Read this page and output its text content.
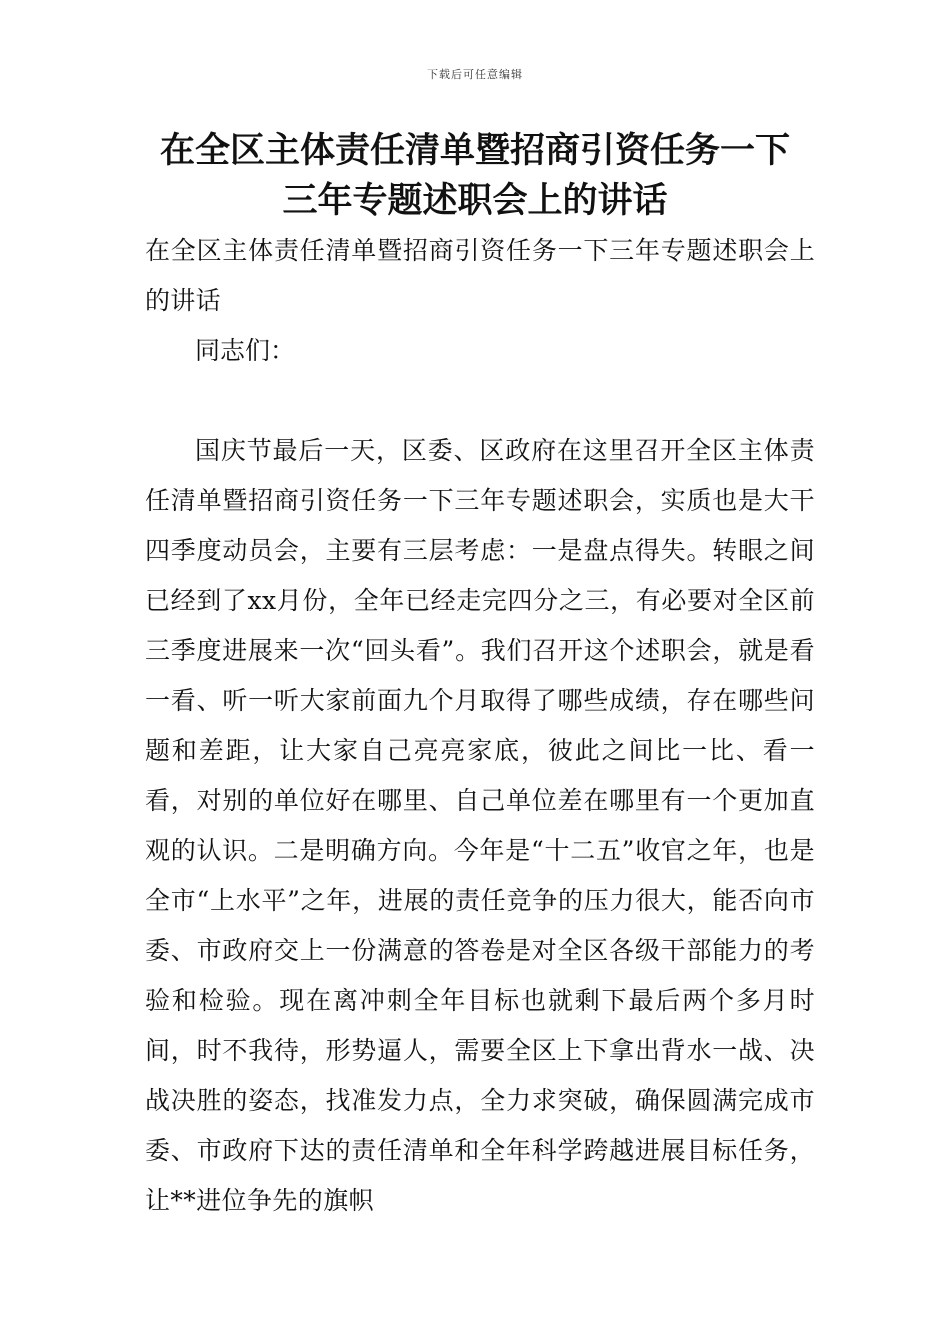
下载后可任意编辑
在全区主体责任清单暨招商引资任务一下
三年专题述职会上的讲话

在全区主体责任清单暨招商引资任务一下三年专题述职会上的讲话

同志们：

国庆节最后一天，区委、区政府在这里召开全区主体责任清单暨招商引资任务一下三年专题述职会，实质也是大干四季度动员会，主要有三层考虑：一是盘点得失。转眼之间已经到了xx月份，全年已经走完四分之三，有必要对全区前三季度进展来一次“回头看”。我们召开这个述职会，就是看一看、听一听大家前面九个月取得了哪些成绩，存在哪些问题和差距，让大家自己亮亮家底，彼此之间比一比、看一看，对别的单位好在哪里、自己单位差在哪里有一个更加直观的认识。二是明确方向。今年是“十二五”收官之年，也是全市“上水平”之年，进展的责任竞争的压力很大，能否向市委、市政府交上一份满意的答卷是对全区各级干部能力的考验和检验。现在离冲刺全年目标也就剩下最后两个多月时间，时不我待，形势逼人，需要全区上下拿出背水一战、决战决胜的姿态，找准发力点，全力求突破，确保圆满完成市委、市政府下达的责任清单和全年科学跨越进展目标任务，让**进位争先的旗帜
